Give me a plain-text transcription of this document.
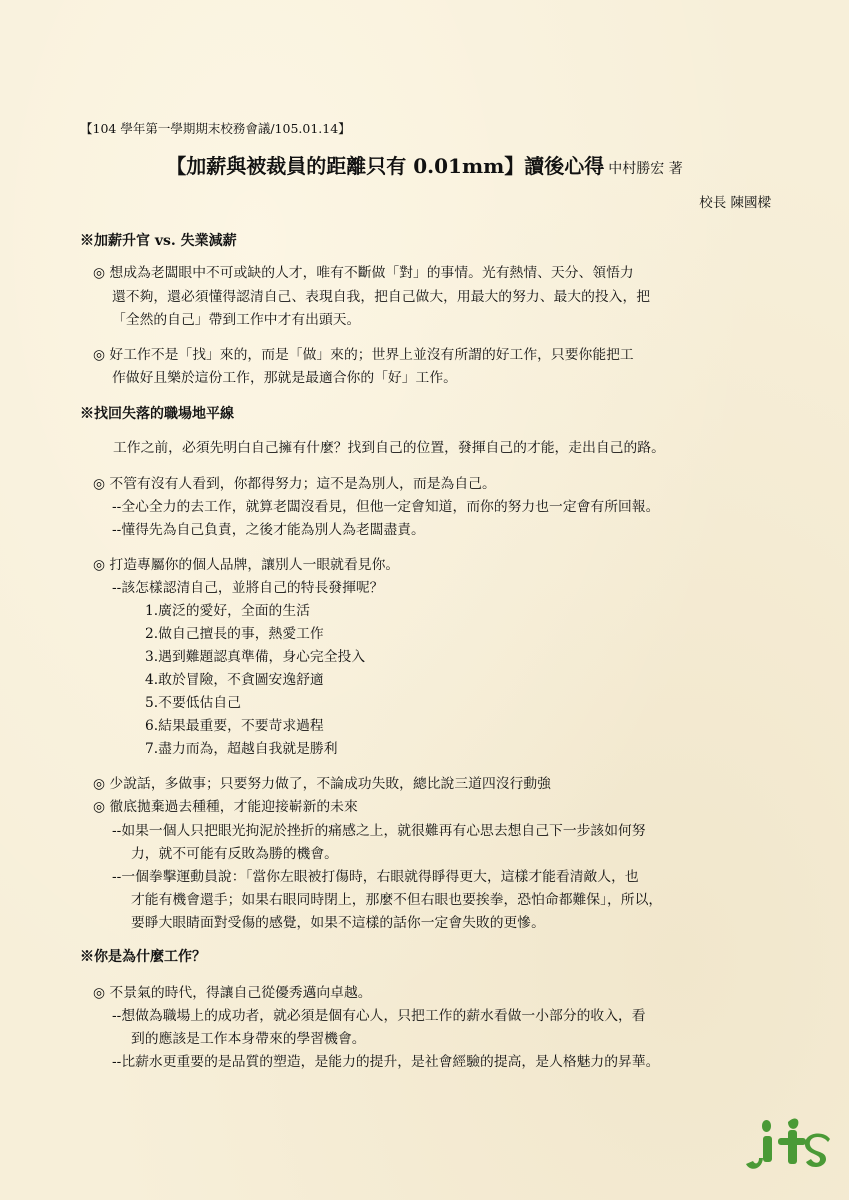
【104 學年第一學期期末校務會議/105.01.14】
【加薪與被裁員的距離只有 0.01mm】讀後心得 中村勝宏 著
校長 陳國樑
※加薪升官 vs. 失業減薪
◎ 想成為老闆眼中不可或缺的人才，唯有不斷做「對」的事情。光有熱情、天分、領悟力
還不夠，還必須懂得認清自己、表現自我，把自己做大，用最大的努力、最大的投入，把
「全然的自己」帶到工作中才有出頭天。
◎ 好工作不是「找」來的，而是「做」來的；世界上並沒有所謂的好工作，只要你能把工
作做好且樂於這份工作，那就是最適合你的「好」工作。
※找回失落的職場地平線
工作之前，必須先明白自己擁有什麼？找到自己的位置，發揮自己的才能，走出自己的路。
◎ 不管有沒有人看到，你都得努力；這不是為別人，而是為自己。
--全心全力的去工作，就算老闆沒看見，但他一定會知道，而你的努力也一定會有所回報。
--懂得先為自己負責，之後才能為別人為老闆盡責。
◎ 打造專屬你的個人品牌，讓別人一眼就看見你。
--該怎樣認清自己，並將自己的特長發揮呢？
1.廣泛的愛好，全面的生活
2.做自己擅長的事，熱愛工作
3.遇到難題認真準備，身心完全投入
4.敢於冒險，不貪圖安逸舒適
5.不要低估自己
6.結果最重要，不要苛求過程
7.盡力而為，超越自我就是勝利
◎ 少說話，多做事；只要努力做了，不論成功失敗，總比說三道四沒行動強
◎ 徹底拋棄過去種種，才能迎接嶄新的未來
--如果一個人只把眼光拘泥於挫折的痛感之上，就很難再有心思去想自己下一步該如何努
力，就不可能有反敗為勝的機會。
--一個拳擊運動員說：「當你左眼被打傷時，右眼就得睜得更大，這樣才能看清敵人，也
才能有機會還手；如果右眼同時閉上，那麼不但右眼也要挨拳，恐怕命都難保」，所以，
要睜大眼睛面對受傷的感覺，如果不這樣的話你一定會失敗的更慘。
※你是為什麼工作？
◎ 不景氣的時代，得讓自己從優秀邁向卓越。
--想做為職場上的成功者，就必須是個有心人，只把工作的薪水看做一小部分的收入，看
到的應該是工作本身帶來的學習機會。
--比薪水更重要的是品質的塑造，是能力的提升，是社會經驗的提高，是人格魅力的昇華。
